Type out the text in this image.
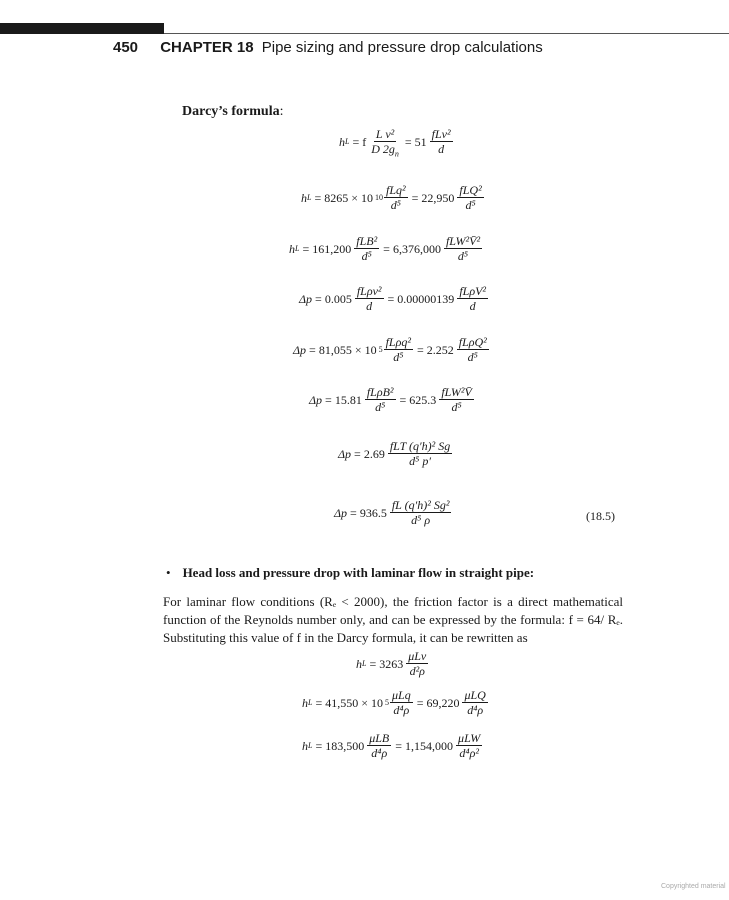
450 CHAPTER 18 Pipe sizing and pressure drop calculations
Darcy’s formula:
h L = f $\frac{\text{L v²}}{D 2g_n} = 51 \frac{\text{fLv²}}{d}$
h L = 8265 × 10 $10 \frac{\text{fLq²}}{\text{d⁵}} = 22,950 \frac{\text{fLQ²}}{\text{d⁵}}$
h $L = 161,200 \frac{\text{fLB²}}{\text{d⁵}} = 6,376,000 \frac{\text{fLW²V̄²}}{\text{d⁵}}$
$\Delta p = 0.005 \frac{\text{fLρv²}}{d} = 0.00000139 \frac{\text{fLρV²}}{d}$
Δp = 81,055 × 10 $5 \frac{\text{fLρq²}}{\text{d⁵}} = 2.252 \frac{\text{fLρQ²}}{\text{d⁵}}$
$\Delta p = 15.81 \frac{\text{fLρB²}}{\text{d⁵}} = 625.3 \frac{\text{fLW²V̄}}{\text{d⁵}}$
$\Delta p = 2.69 \frac{\text{fLT (q′h)² Sg}}{\text{d⁵ p′}}$
$\Delta p = 936.5 \frac{\text{fL (q′h)² Sg²}}{\text{d⁵ ρ}}$	(18.5)
• Head loss and pressure drop with laminar flow in straight pipe:
For laminar flow conditions (Rₑ < 2000), the friction factor is a direct mathematical function of the Reynolds number only, and can be expressed by the formula: f = 64/ Rₑ. Substituting this value of f in the Darcy formula, it can be rewritten as
h $L = 3263 \frac{\text{μLv}}{\text{d²ρ}}$
h L = 41,550 × 10 $5 \frac{\text{μLq}}{\text{d⁴ρ}} = 69,220 \frac{\text{μLQ}}{\text{d⁴ρ}}$
h $L = 183,500 \frac{\text{μLB}}{\text{d⁴ρ}} = 1,154,000 \frac{\text{μLW}}{\text{d⁴ρ²}}$
Copyrighted material
